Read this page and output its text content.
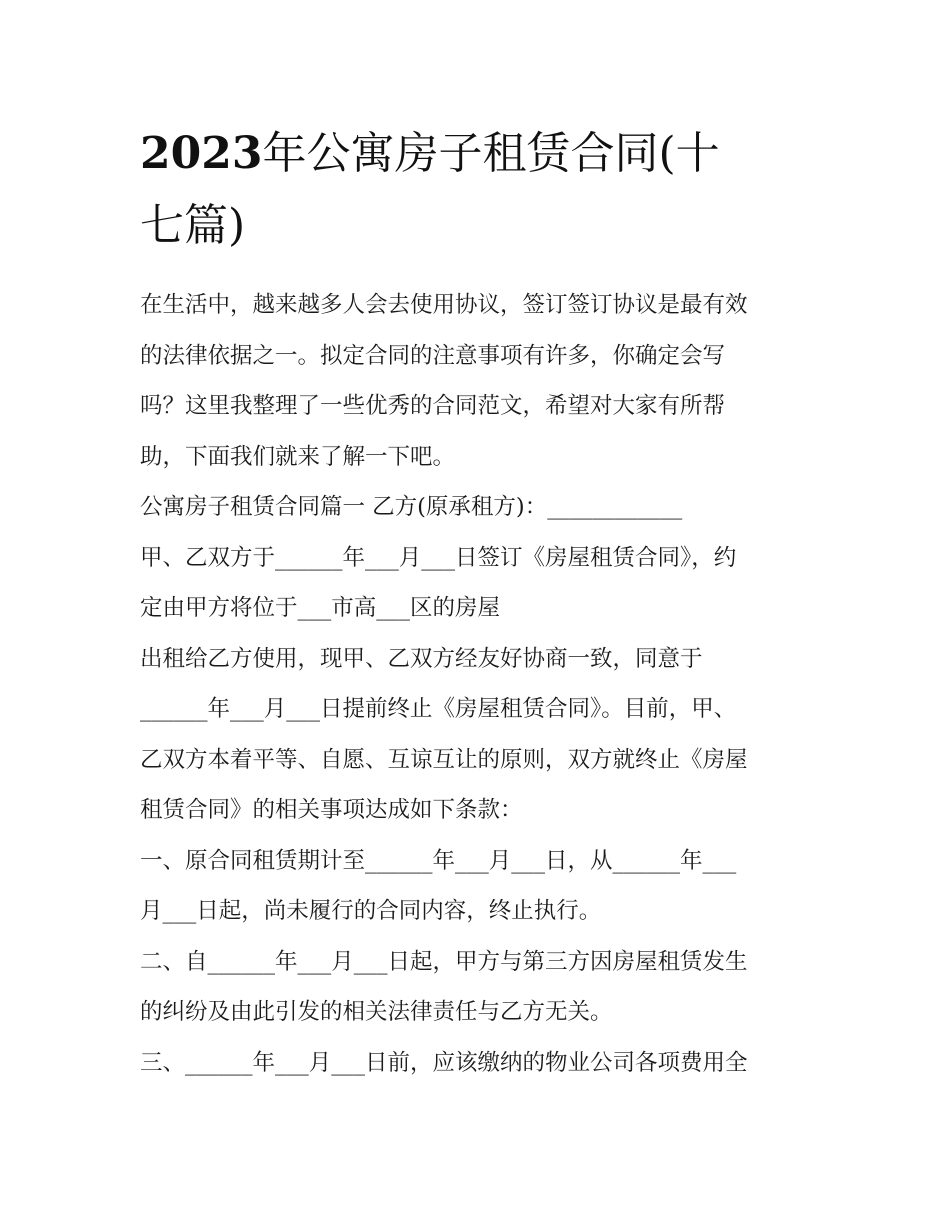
2023年公寓房子租赁合同(十
七篇)

在生活中，越来越多人会去使用协议，签订签订协议是最有效

的法律依据之一。拟定合同的注意事项有许多，你确定会写

吗？这里我整理了一些优秀的合同范文，希望对大家有所帮

助，下面我们就来了解一下吧。

公寓房子租赁合同篇一 乙方(原承租方)：____________

甲、乙双方于______年___月___日签订《房屋租赁合同》，约

定由甲方将位于___市高___区的房屋

出租给乙方使用，现甲、乙双方经友好协商一致，同意于

______年___月___日提前终止《房屋租赁合同》。目前，甲、

乙双方本着平等、自愿、互谅互让的原则，双方就终止《房屋

租赁合同》的相关事项达成如下条款：

一、原合同租赁期计至______年___月___日，从______年___

月___日起，尚未履行的合同内容，终止执行。

二、自______年___月___日起，甲方与第三方因房屋租赁发生

的纠纷及由此引发的相关法律责任与乙方无关。

三、______年___月___日前，应该缴纳的物业公司各项费用全
